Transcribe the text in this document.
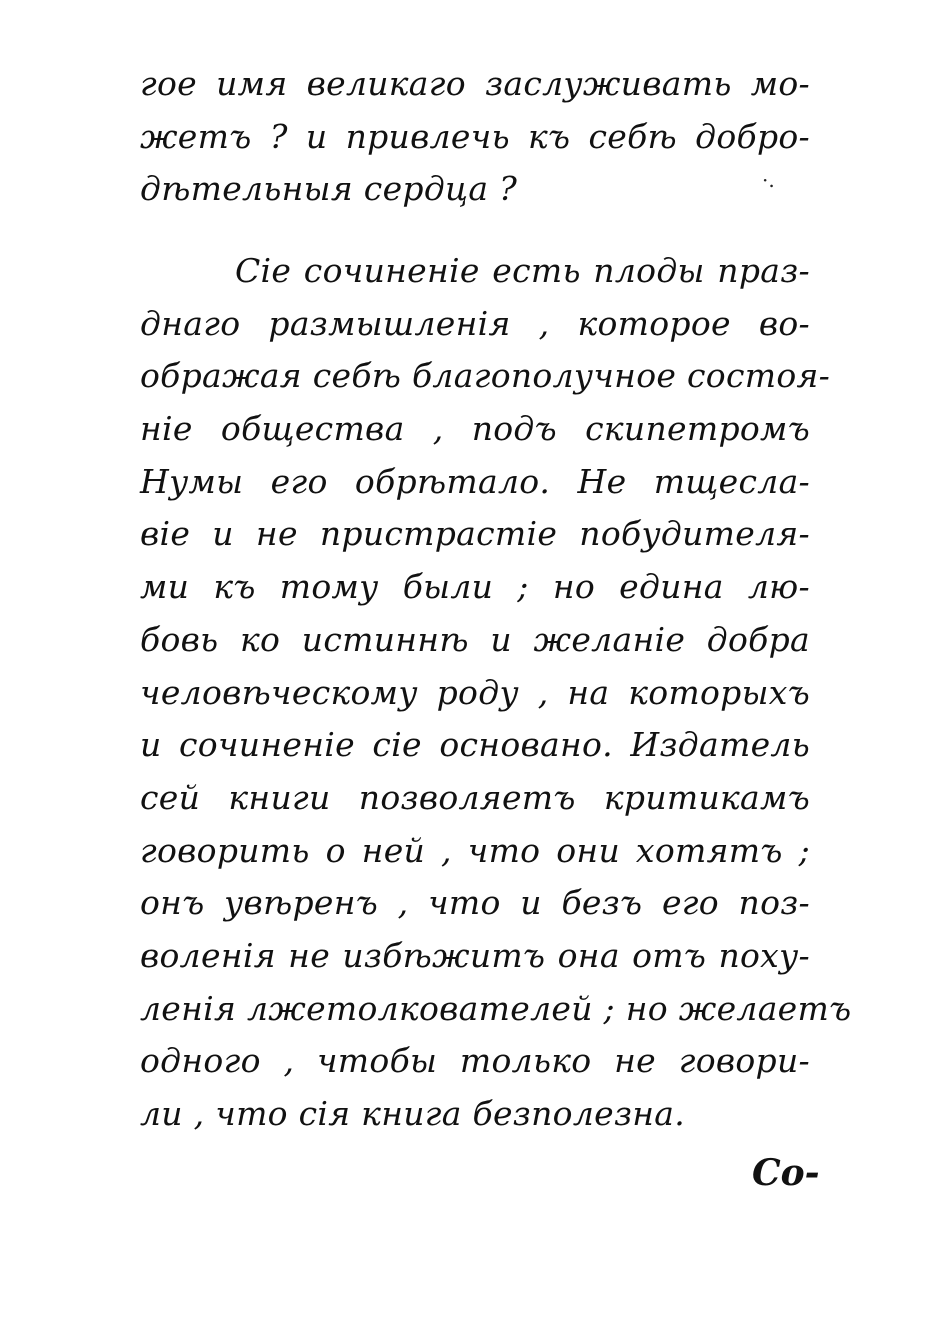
гое имя великаго заслуживать мо-
жетъ ? и привлечь къ себѣ добро-
дѣтельныя сердца ?	·.
Сіе сочиненіе есть плоды праз-
днаго размышленія , которое во-
ображая себѣ благополучное состоя-
ніе общества , подъ скипетромъ
Нумы его обрѣтало. Не тщесла-
віе и не пристрастіе побудителя-
ми къ тому были ; но едина лю-
бовь ко истиннѣ и желаніе добра
человѣческому роду , на которыхъ
и сочиненіе сіе основано. Издатель
сей книги позволяетъ критикамъ
говорить о ней , что они хотятъ ;
онъ увѣренъ , что и безъ его поз-
воленія не избѣжитъ она отъ поху-
ленія лжетолкователей ; но желаетъ
одного , чтобы только не говори-
ли , что сія книга безполезна.
Со-
